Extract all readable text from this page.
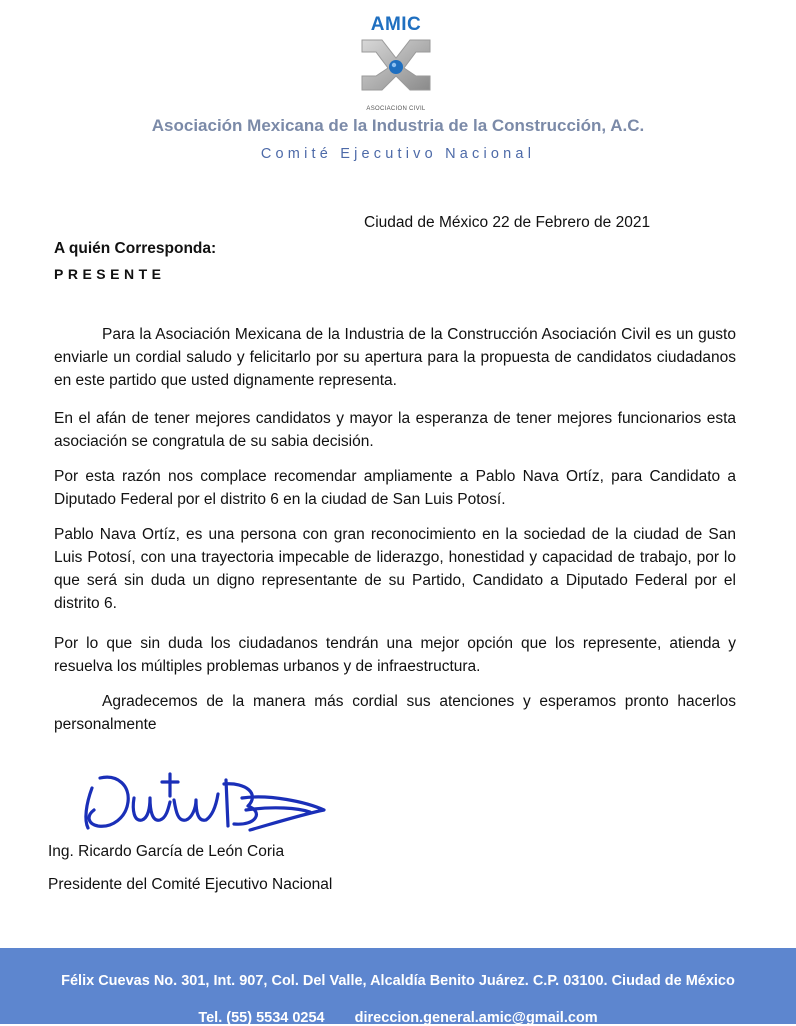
AMIC
ASOCIACION CIVIL
Asociación Mexicana de la Industria de la Construcción, A.C.
Comité Ejecutivo Nacional
Ciudad de México 22 de Febrero de 2021
A quién Corresponda:
PRESENTE

Para la Asociación Mexicana de la Industria de la Construcción Asociación Civil es un gusto enviarle un cordial saludo y felicitarlo por su apertura para la propuesta de candidatos ciudadanos en este partido que usted dignamente representa.

En el afán de tener mejores candidatos y mayor la esperanza de tener mejores funcionarios esta asociación se congratula de su sabia decisión.

Por esta razón nos complace recomendar ampliamente a Pablo Nava Ortíz, para Candidato a Diputado Federal por el distrito 6 en la ciudad de San Luis Potosí.

Pablo Nava Ortíz, es una persona con gran reconocimiento en la sociedad de la ciudad de San Luis Potosí, con una trayectoria impecable de liderazgo, honestidad y capacidad de trabajo, por lo que será sin duda un digno representante de su Partido, Candidato a Diputado Federal por el distrito 6.

Por lo que sin duda los ciudadanos tendrán una mejor opción que los represente, atienda y resuelva los múltiples problemas urbanos y de infraestructura.

Agradecemos de la manera más cordial sus atenciones y esperamos pronto hacerlos personalmente

Ing. Ricardo García de León Coria
Presidente del Comité Ejecutivo Nacional
Félix Cuevas No. 301, Int. 907, Col. Del Valle, Alcaldía Benito Juárez. C.P. 03100. Ciudad de México
Tel. (55) 5534 0254 direccion.general.amic@gmail.com
